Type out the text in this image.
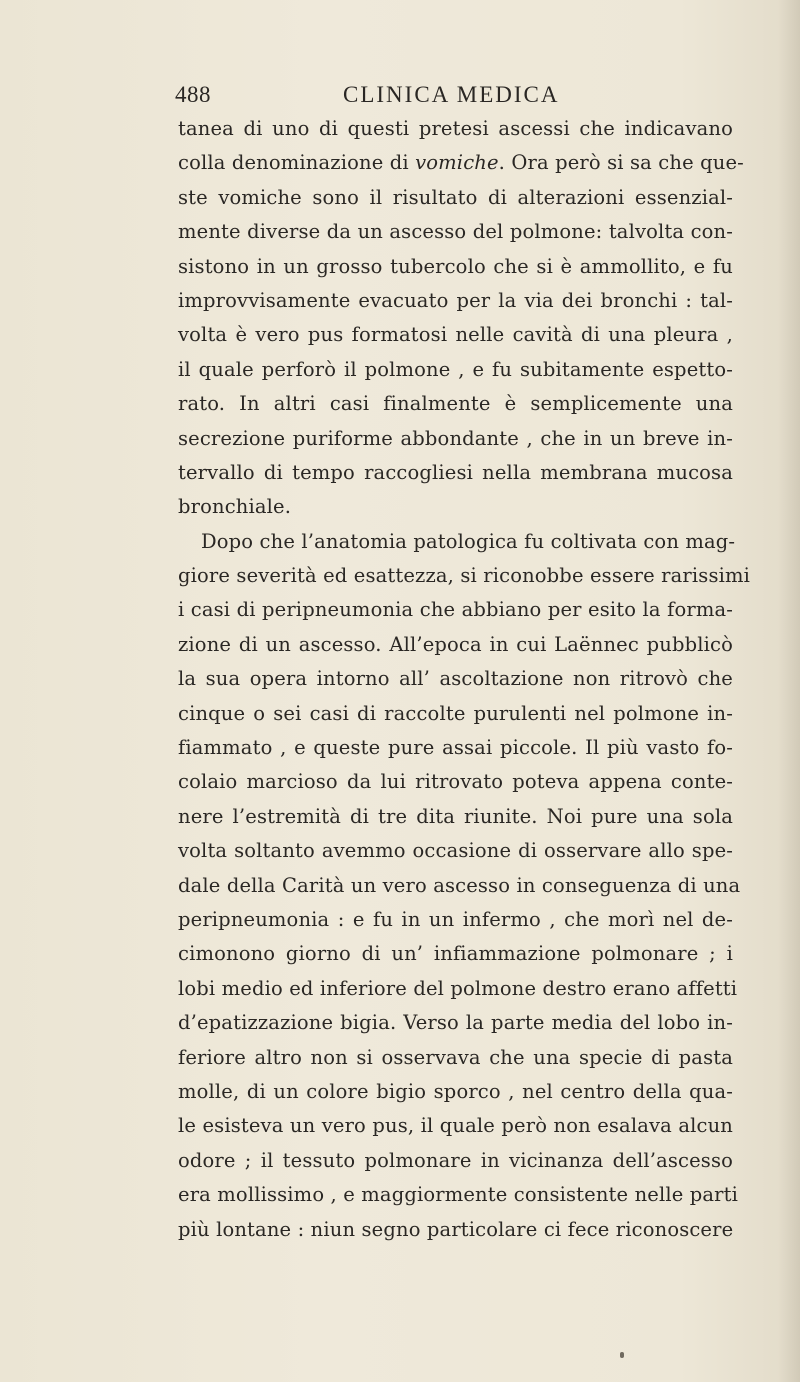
488	CLINICA MEDICA
tanea di uno di questi pretesi ascessi che indicavano
colla denominazione di vomiche. Ora però si sa che que-
ste vomiche sono il risultato di alterazioni essenzial-
mente diverse da un ascesso del polmone: talvolta con-
sistono in un grosso tubercolo che si è ammollito, e fu
improvvisamente evacuato per la via dei bronchi : tal-
volta è vero pus formatosi nelle cavità di una pleura ,
il quale perforò il polmone , e fu subitamente espetto-
rato. In altri casi finalmente è semplicemente una
secrezione puriforme abbondante , che in un breve in-
tervallo di tempo raccogliesi nella membrana mucosa
bronchiale.
Dopo che l’anatomia patologica fu coltivata con mag-
giore severità ed esattezza, si riconobbe essere rarissimi
i casi di peripneumonia che abbiano per esito la forma-
zione di un ascesso. All’epoca in cui Laënnec pubblicò
la sua opera intorno all’ ascoltazione non ritrovò che
cinque o sei casi di raccolte purulenti nel polmone in-
fiammato , e queste pure assai piccole. Il più vasto fo-
colaio marcioso da lui ritrovato poteva appena conte-
nere l’estremità di tre dita riunite. Noi pure una sola
volta soltanto avemmo occasione di osservare allo spe-
dale della Carità un vero ascesso in conseguenza di una
peripneumonia : e fu in un infermo , che morì nel de-
cimonono giorno di un’ infiammazione polmonare ; i
lobi medio ed inferiore del polmone destro erano affetti
d’epatizzazione bigia. Verso la parte media del lobo in-
feriore altro non si osservava che una specie di pasta
molle, di un colore bigio sporco , nel centro della qua-
le esisteva un vero pus, il quale però non esalava alcun
odore ; il tessuto polmonare in vicinanza dell’ascesso
era mollissimo , e maggiormente consistente nelle parti
più lontane : niun segno particolare ci fece riconoscere
